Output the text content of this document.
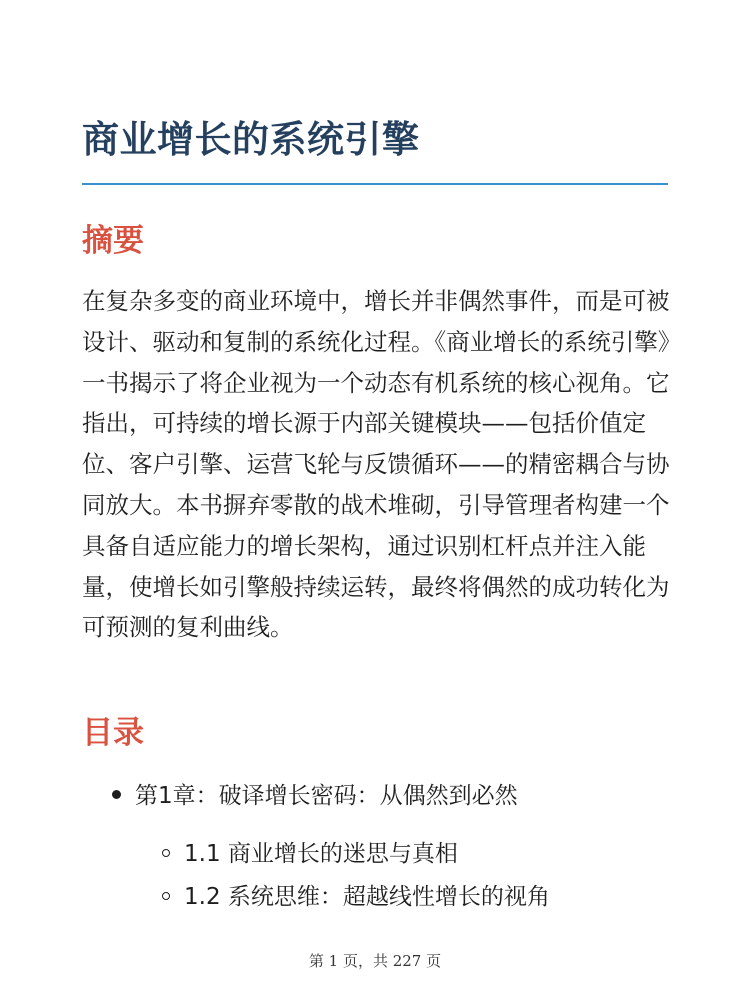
商业增长的系统引擎
摘要

在复杂多变的商业环境中，增长并非偶然事件，而是可被设计、驱动和复制的系统化过程。《商业增长的系统引擎》一书揭示了将企业视为一个动态有机系统的核心视角。它指出，可持续的增长源于内部关键模块——包括价值定位、客户引擎、运营飞轮与反馈循环——的精密耦合与协同放大。本书摒弃零散的战术堆砌，引导管理者构建一个具备自适应能力的增长架构，通过识别杠杆点并注入能量，使增长如引擎般持续运转，最终将偶然的成功转化为可预测的复利曲线。

目录
第1章：破译增长密码：从偶然到必然
1.1 商业增长的迷思与真相
1.2 系统思维：超越线性增长的视角
第 1 页，共 227 页
